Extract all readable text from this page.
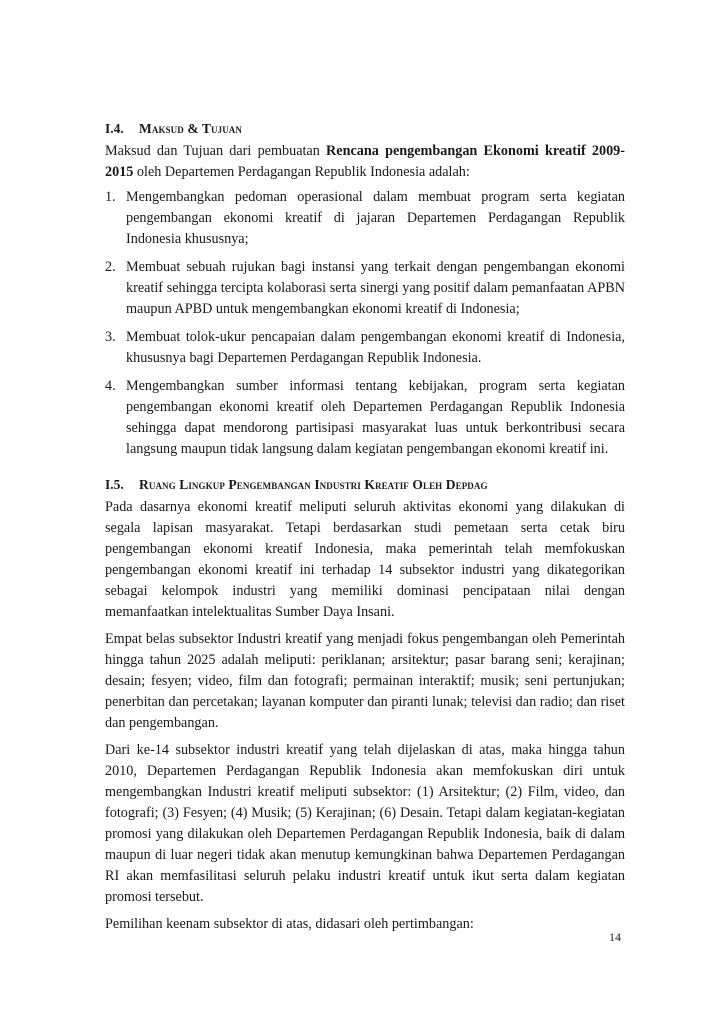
I.4. Maksud & Tujuan

Maksud dan Tujuan dari pembuatan Rencana pengembangan Ekonomi kreatif 2009-2015 oleh Departemen Perdagangan Republik Indonesia adalah:

1. Mengembangkan pedoman operasional dalam membuat program serta kegiatan pengembangan ekonomi kreatif di jajaran Departemen Perdagangan Republik Indonesia khususnya;
2. Membuat sebuah rujukan bagi instansi yang terkait dengan pengembangan ekonomi kreatif sehingga tercipta kolaborasi serta sinergi yang positif dalam pemanfaatan APBN maupun APBD untuk mengembangkan ekonomi kreatif di Indonesia;
3. Membuat tolok-ukur pencapaian dalam pengembangan ekonomi kreatif di Indonesia, khusus​nya bagi Departemen Perdagangan Republik Indonesia.
4. Mengembangkan sumber informasi tentang kebijakan, program serta kegiatan pengembangan ekonomi kreatif oleh Departemen Perdagangan Republik Indonesia sehingga dapat mendorong partisipasi masyarakat luas untuk berkontribusi secara langsung maupun tidak langsung dalam kegiatan pengembangan ekonomi kreatif ini.
I.5. Ruang Lingkup Pengembangan Industri Kreatif Oleh Depdag

Pada dasarnya ekonomi kreatif meliputi seluruh aktivitas ekonomi yang dilakukan di segala lapisan masyarakat. Tetapi berdasarkan studi pemetaan serta cetak biru pengembangan ekonomi kreatif Indonesia, maka pemerintah telah memfokuskan pengembangan ekonomi kreatif ini terhadap 14 subsektor industri yang dikategorikan sebagai kelompok industri yang memiliki dominasi pencipataan nilai dengan memanfaatkan intelektualitas Sumber Daya Insani.

Empat belas subsektor Industri kreatif yang menjadi fokus pengembangan oleh Pemerintah hingga tahun 2025 adalah meliputi: periklanan; arsitektur; pasar barang seni; kerajinan; desain; fesyen; video, film dan fotografi; permainan interaktif; musik; seni pertunjukan; penerbitan dan percetakan; layanan komputer dan piranti lunak; televisi dan radio; dan riset dan pengembangan.

Dari ke-14 subsektor industri kreatif yang telah dijelaskan di atas, maka hingga tahun 2010, Departemen Perdagangan Republik Indonesia akan memfokuskan diri untuk mengembangkan Industri kreatif meliputi subsektor: (1) Arsitektur; (2) Film, video, dan fotografi; (3) Fesyen; (4) Musik; (5) Kerajinan; (6) Desain. Tetapi dalam kegiatan-kegiatan promosi yang dilakukan oleh Departemen Perdagangan Republik Indonesia, baik di dalam maupun di luar negeri tidak akan menutup kemungkinan bahwa Departemen Perdagangan RI akan memfasilitasi seluruh pelaku industri kreatif untuk ikut serta dalam kegiatan promosi tersebut.

Pemilihan keenam subsektor di atas, didasari oleh pertimbangan:

14
